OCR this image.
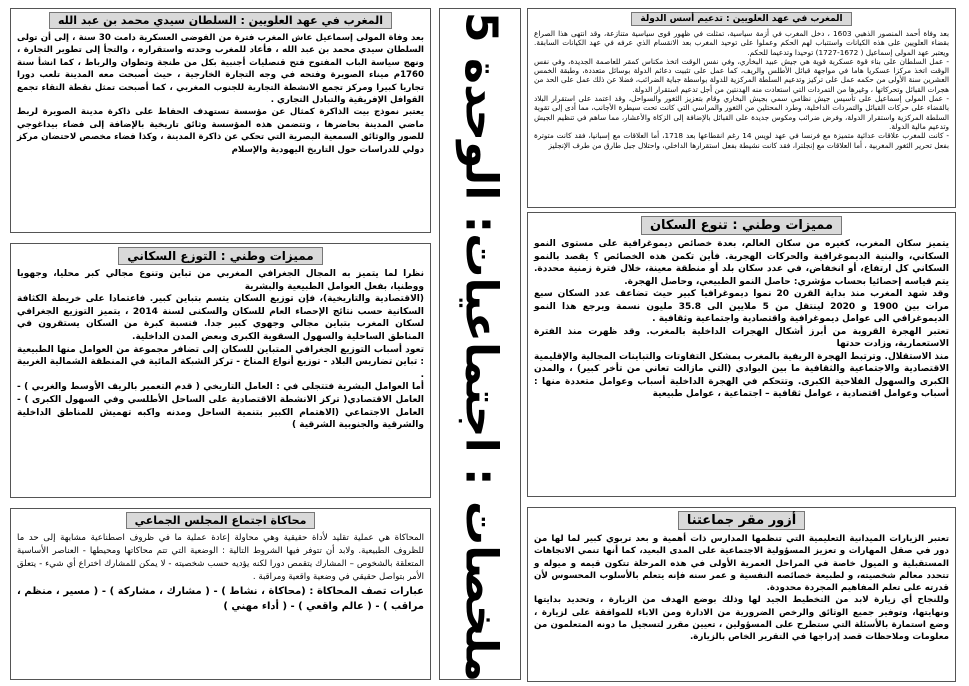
المغرب في عهد العلويين : تدعيم أسس الدولة

بعد وفاة أحمد المنصور الذهبي 1603 ، دخل المغرب في أزمة سياسية، تمثلت في ظهور قوى سياسية متنازعة، وقد انتهى هذا الصراع بقضاء العلويين على هذه الكيانات واستتباب لهم الحكم وعملوا على توحيد المغرب بعد الانقسام الذي عرفه في عهد الكيانات السابقة. ويعتبر عهد المولى إسماعيل ( 1672-1727) توحيدا وتدعيما للحكم.

- عمل السلطان على بناء قوة عسكرية قوية هي جيش عبيد البخاري، وفي نفس الوقت اتخذ مكناس كمقر للعاصمة الجديدة، وفي نفس الوقت اتخذ مركزا عسكريا هاما في مواجهة قبائل الأطلس والريف، كما عمل على تثبيت دعائم الدولة بوسائل متعددة، وطبقة الخمس العشرين سنة الأولى من حكمه عمل على تركيز وتدعيم السلطة المركزية للدولة بواسطة جباية الضرائب، فضلا عن ذلك عمل على الحد من هجرات القبائل وتحركاتها ، وغيرها من التمردات التي استعادت منه الهدنتين من أجل تدعيم استقرار الدولة.

- عمل المولى إسماعيل على تأسيس جيش نظامي سمي بجيش البخاري وقام بتعزيز الثغور والسواحل، وقد اعتمد على استقرار البلاد بالقضاء على حركات القبائل والتمردات الداخلية، وطرد المحتلين من الثغور والمراسي التي كانت تحت سيطرة الأجانب، مما أدى إلى تقوية السلطة المركزية واستقرار الدولة، وفرض ضرائب ومكوس جديدة على القبائل بالإضافة إلى الزكاة والأعشار، مما ساهم في تنظيم الجيش وتدعيم مالية الدولة.

- كانت للمغرب علاقات عدائية متميزة مع فرنسا في عهد لويس 14 رغم انقطاعها بعد 1718، أما العلاقات مع إسبانيا، فقد كانت متوترة بفعل تحرير الثغور المغربية ، أما العلاقات مع إنجلترا، فقد كانت نشيطة بفعل استقرارها الداخلي، واحتلال جبل طارق من طرف الإنجليز

المغرب في عهد العلويين : السلطان سيدي محمد بن عبد الله

بعد وفاة المولى إسماعيل عاش المغرب فترة من الفوضى العسكرية دامت 30 سنة ، إلى أن تولى السلطان سيدي محمد بن عبد الله ، فأعاد للمغرب وحدته واستقراره ، والتجأ إلى تطوير التجارة ، ونهج سياسة الباب المفتوح فتح قنصليات أجنبية بكل من طنجة وتطوان والرباط ، كما انشأ سنة 1760م ميناء الصويرة وفتحه في وجه التجارة الخارجية ، حيث أصبحت معه المدينة تلعب دورا تجاريا كبيرا ومركز تجمع الانشطة التجارية للجنوب المغربي ، كما أصبحت تمثل نقطة التقاء تجمع القوافل الإفريقية والتبادل التجاري .

يعتبر نموذج بيت الذاكرة كمثال عن مؤسسة تستهدف الحفاظ على ذاكرة مدينة الصويرة لربط ماضي المدينة بحاضرها ، وتتضمن هذه المؤسسة وثائق تاريخية بالإضافة إلى فضاء بيداغوجي للصور والوثائق السمعية البصرية التي تحكي عن ذاكرة المدينة ، وكذا فضاء مخصص لاحتضان مركز دولي للدراسات حول التاريخ اليهودية والإسلام

ملخصات : اجتماعيات: الوحدة 5
مميزات وطني : التوزع السكاني

نظرا لما يتميز به المجال الجغرافي المغربي من تباين وتنوع مجالي كبر محليا، وجهويا ووطنيا، بفعل العوامل الطبيعية والبشرية

(الاقتصادية والتاريخية)، فإن توزيع السكان يتسم بتباين كبير. فاعتمادا على خريطة الكثافة السكانية حسب نتائج الإحصاء العام للسكان والسكنى لسنة 2014 ، يتميز التوزيع الجغرافي لسكان المغرب بتباين مجالي وجهوي كبير جدا. فنسبة كبرة من السكان يستقرون في المناطق الساحلية والسهول السقوية الكبرى وبعض المدن الداخلية.

تعود أسباب التوزيع الجغرافي المتباين للسكان إلى تضافر مجموعة من العوامل منها الطبيعية : تباين تضاريس البلاد - توزيع أنواع المناخ - تركز الشبكة المائية في المنطقة الشمالية الغربية .

أما العوامل البشرية فتتجلى في : العامل التاريخي ( قدم التعمير بالريف الأوسط والغربي ) - العامل الاقتصادي( تركز الانشطة الاقتصادية على الساحل الأطلسي وفي السهول الكبرى ) - العامل الاجتماعي (الاهتمام الكبير بتنمية الساحل ومدنه واكبه تهميش للمناطق الداخلية والشرقية والجنوبية الشرقية )

مميزات وطني : تنوع السكان

يتميز سكان المغرب، كغيره من سكان العالم، بعدة خصائص ديموغرافية على مستوى النمو السكاني، والبنية الديموغرافية والحركات الهجرية. فأين تكمن هذه الخصائص ؟ يقصد بالنمو السكاني كل ارتفاع، أو انخفاض، في عدد سكان بلد أو منطقة معينة، خلال فترة زمنية محددة. يتم قياسه إحصائيا بحساب مؤشري: حاصل النمو الطبيعي، وحاصل الهجرة.

وقد شهد المغرب منذ بداية القرن 20 نموا ديموغرافيا كبير حيث تضاعف عدد السكان سبع مرات بين 1900 و 2020 لينتقل من 5 ملايين الى 35.8 مليون نسمة ويرجع هذا النمو الديموغرافي الى عوامل ديموغرافية واقتصادية واجتماعية وثقافية .

تعتبر الهجرة القروية من أبرز أشكال الهجرات الداخلية بالمغرب. وقد ظهرت منذ الفترة الاستعمارية، وزادت حدتها

منذ الاستقلال. وترتبط الهجرة الريفية بالمغرب بمشكل التفاوتات والتباينات المجالية والإقليمية الاقتصادية والاجتماعية والثقافية ما بين البوادي (التي مازالت تعاني من تأخر كبير) ، والمدن الكبرى والسهول الفلاحية الكبرى. وتتحكم في الهجرة الداخلية أسباب وعوامل متعددة منها : أسباب وعوامل اقتصادية ، عوامل ثقافية – اجتماعية ، عوامل طبيعية

محاكاة اجتماع المجلس الجماعي

المحاكاة هي عملية تقليد لأداة حقيقية وهي محاولة إعادة عملية ما في ظروف اصطناعية مشابهة إلى حد ما للظروف الطبيعية. ولابد أن تتوفر فيها الشروط التالية : الوضعية التي تتم محاكاتها ومحيطها - العناصر الأساسية المتعلقة بالشخوص – المشارك يتقمص دورا لكنه يؤديه حسب شخصيته - لا يمكن للمشارك اختراع أي شيء - يتعلق الأمر بتواصل حقيقي في وضعية واقعية ومراقبة .

عبارات تصف المحاكاة : (محاكاة ، نشاط ) - ( مشارك ، مشاركة ) - ( مسير ، منظم ، مراقب ) - ( عالم واقعي ) - ( أداء مهني )

أزور مقر جماعتنا

تعتبر الزيارات الميدانية التعليمية التي تنظمها المدارس ذات أهمية و بعد تربوي كبير لما لها من دور في صقل المهارات و تعزيز المسؤولية الاجتماعية على المدى البعيد، كما أنها تنمي الاتجاهات المستقبلية و الميول خاصة في المراحل العمرية الأولى في هذه المرحلة تتكون قيمه و ميوله و تتحدد معالم شخصيته، و لطبيعة خصائصه النفسية و عمر سنه فإنه يتعلم بالأسلوب المحسوس لأن قدرته على تعلم المفاهيم المجردة محدودة.

وللنجاح أي زيارة لابد من التخطيط الجيد لها وذلك بوضع الهدف من الزيارة ، وتحديد بدايتها ونهايتها، وتوفير جميع الوثائق والرخص الضرورية من الادارة ومن الاباء للموافقة على لزيارة ، وضع استمارة بالأسئلة التي ستطرح على المسؤولين ، تعيين مقرر لتسجيل ما دونه المتعلمون من معلومات وملاحظات قصد إدراجها في التقرير الخاص بالزيارة.
